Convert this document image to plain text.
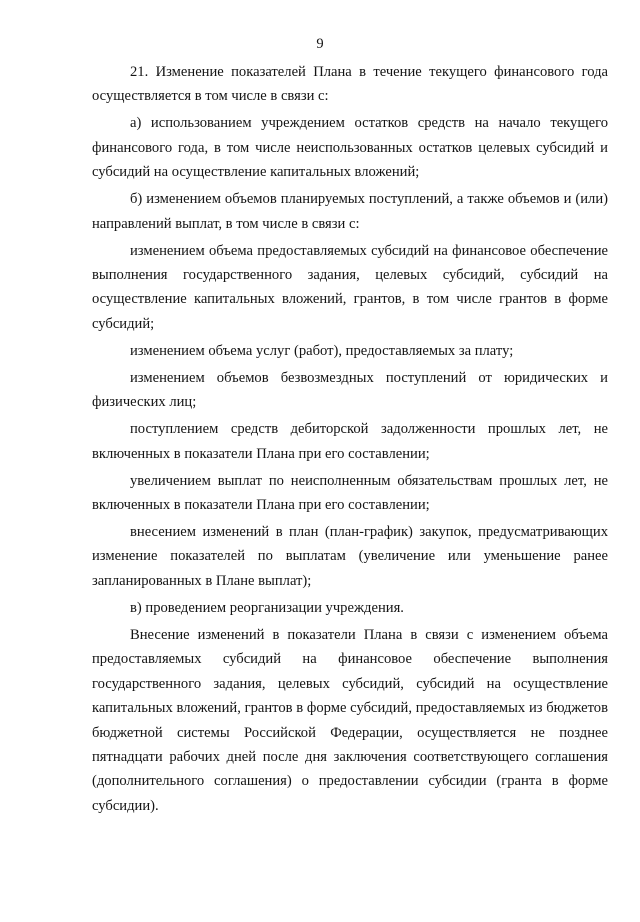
9

21. Изменение показателей Плана в течение текущего финансового года осуществляется в том числе в связи с:

а) использованием учреждением остатков средств на начало текущего финансового года, в том числе неиспользованных остатков целевых субсидий и субсидий на осуществление капитальных вложений;

б) изменением объемов планируемых поступлений, а также объемов и (или) направлений выплат, в том числе в связи с:

изменением объема предоставляемых субсидий на финансовое обеспечение выполнения государственного задания, целевых субсидий, субсидий на осуществление капитальных вложений, грантов, в том числе грантов в форме субсидий;

изменением объема услуг (работ), предоставляемых за плату;

изменением объемов безвозмездных поступлений от юридических и физических лиц;

поступлением средств дебиторской задолженности прошлых лет, не включенных в показатели Плана при его составлении;

увеличением выплат по неисполненным обязательствам прошлых лет, не включенных в показатели Плана при его составлении;

внесением изменений в план (план-график) закупок, предусматривающих изменение показателей по выплатам (увеличение или уменьшение ранее запланированных в Плане выплат);

в) проведением реорганизации учреждения.

Внесение изменений в показатели Плана в связи с изменением объема предоставляемых субсидий на финансовое обеспечение выполнения государственного задания, целевых субсидий, субсидий на осуществление капитальных вложений, грантов в форме субсидий, предоставляемых из бюджетов бюджетной системы Российской Федерации, осуществляется не позднее пятнадцати рабочих дней после дня заключения соответствующего соглашения (дополнительного соглашения) о предоставлении субсидии (гранта в форме субсидии).
